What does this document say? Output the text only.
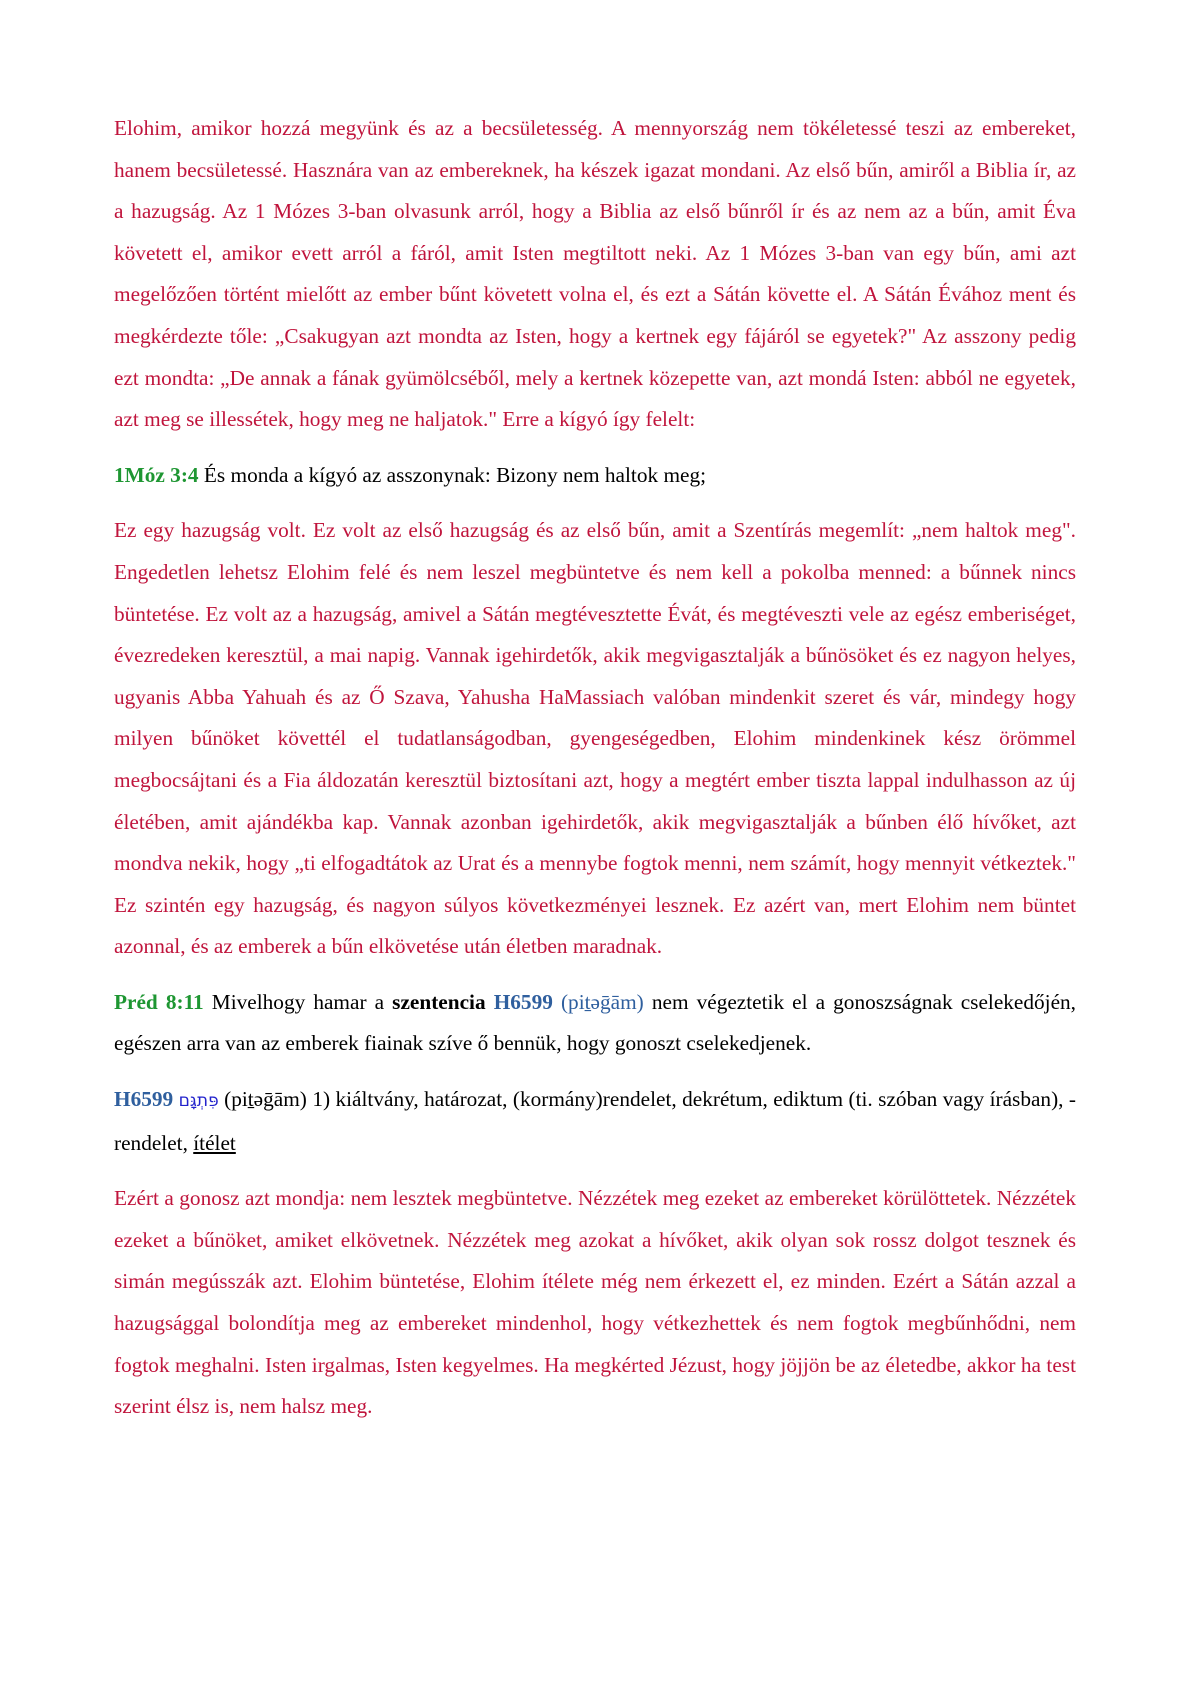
Elohim, amikor hozzá megyünk és az a becsületesség. A mennyország nem tökéletessé teszi az embereket, hanem becsületessé. Hasznára van az embereknek, ha készek igazat mondani. Az első bűn, amiről a Biblia ír, az a hazugság. Az 1 Mózes 3-ban olvasunk arról, hogy a Biblia az első bűnről ír és az nem az a bűn, amit Éva követett el, amikor evett arról a fáról, amit Isten megtiltott neki. Az 1 Mózes 3-ban van egy bűn, ami azt megelőzően történt mielőtt az ember bűnt követett volna el, és ezt a Sátán követte el. A Sátán Évához ment és megkérdezte tőle: „Csakugyan azt mondta az Isten, hogy a kertnek egy fájáról se egyetek?" Az asszony pedig ezt mondta: „De annak a fának gyümölcséből, mely a kertnek közepette van, azt mondá Isten: abból ne egyetek, azt meg se illessétek, hogy meg ne haljatok." Erre a kígyó így felelt:

1Móz 3:4 És monda a kígyó az asszonynak: Bizony nem haltok meg;

Ez egy hazugság volt. Ez volt az első hazugság és az első bűn, amit a Szentírás megemlít: „nem haltok meg". Engedetlen lehetsz Elohim felé és nem leszel megbüntetve és nem kell a pokolba menned: a bűnnek nincs büntetése. Ez volt az a hazugság, amivel a Sátán megtévesztette Évát, és megtéveszti vele az egész emberiséget, évezredeken keresztül, a mai napig. Vannak igehirdetők, akik megvigasztalják a bűnösöket és ez nagyon helyes, ugyanis Abba Yahuah és az Ő Szava, Yahusha HaMassiach valóban mindenkit szeret és vár, mindegy hogy milyen bűnöket követtél el tudatlanságodban, gyengeségedben, Elohim mindenkinek kész örömmel megbocsájtani és a Fia áldozatán keresztül biztosítani azt, hogy a megtért ember tiszta lappal indulhasson az új életében, amit ajándékba kap. Vannak azonban igehirdetők, akik megvigasztalják a bűnben élő hívőket, azt mondva nekik, hogy „ti elfogadtátok az Urat és a mennybe fogtok menni, nem számít, hogy mennyit vétkeztek." Ez szintén egy hazugság, és nagyon súlyos következményei lesznek. Ez azért van, mert Elohim nem büntet azonnal, és az emberek a bűn elkövetése után életben maradnak.

Préd 8:11 Mivelhogy hamar a szentencia H6599 (piṯəḡām) nem végeztetik el a gonoszságnak cselekedőjén, egészen arra van az emberek fiainak szíve ő bennük, hogy gonoszt cselekedjenek.

H6599 פִּתְגָּם (piṯəḡām) 1) kiáltvány, határozat, (kormány)rendelet, dekrétum, ediktum (ti. szóban vagy írásban), - rendelet, ítélet

Ezért a gonosz azt mondja: nem lesztek megbüntetve. Nézzétek meg ezeket az embereket körülöttetek. Nézzétek ezeket a bűnöket, amiket elkövetnek. Nézzétek meg azokat a hívőket, akik olyan sok rossz dolgot tesznek és simán megússzák azt. Elohim büntetése, Elohim ítélete még nem érkezett el, ez minden. Ezért a Sátán azzal a hazugsággal bolondítja meg az embereket mindenhol, hogy vétkezhettek és nem fogtok megbűnhődni, nem fogtok meghalni. Isten irgalmas, Isten kegyelmes. Ha megkérted Jézust, hogy jöjjön be az életedbe, akkor ha test szerint élsz is, nem halsz meg.
